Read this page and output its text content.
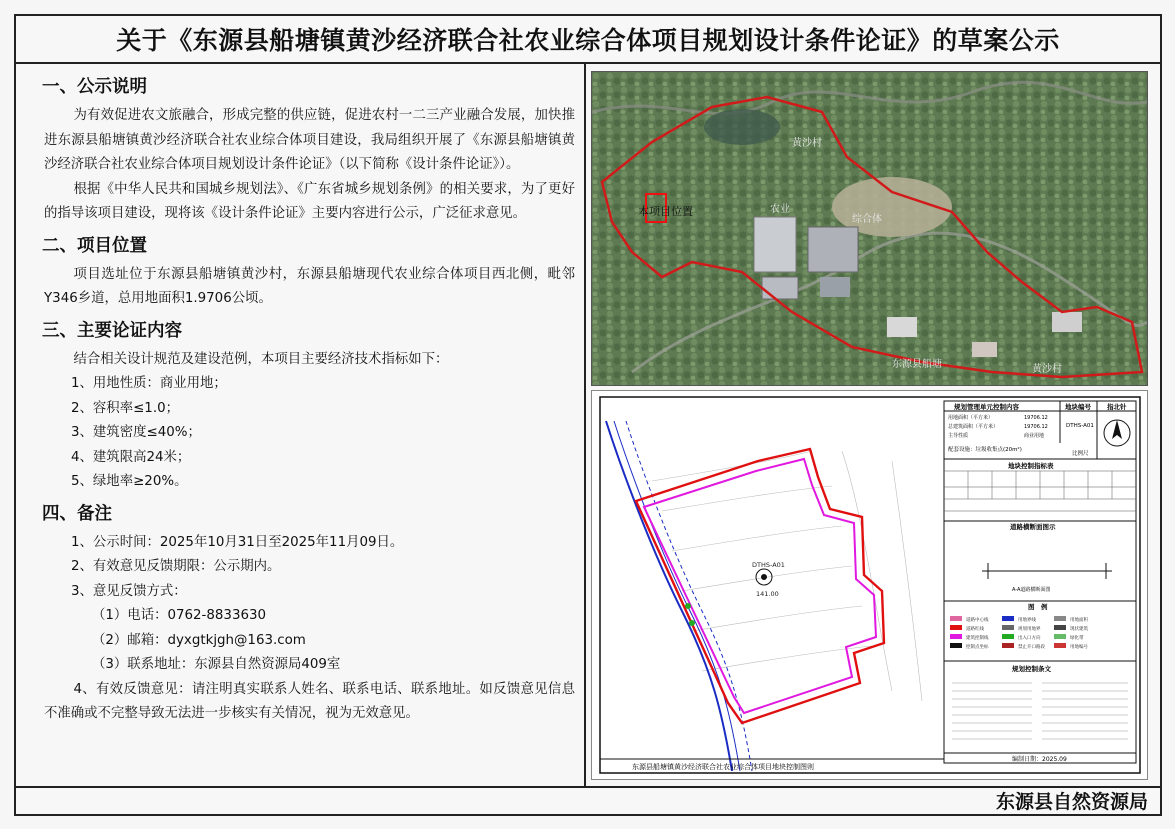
关于《东源县船塘镇黄沙经济联合社农业综合体项目规划设计条件论证》的草案公示
东源县自然资源局
一、公示说明
为有效促进农文旅融合，形成完整的供应链，促进农村一二三产业融合发展，加快推进东源县船塘镇黄沙经济联合社农业综合体项目建设，我局组织开展了《东源县船塘镇黄沙经济联合社农业综合体项目规划设计条件论证》（以下简称《设计条件论证》）。
根据《中华人民共和国城乡规划法》、《广东省城乡规划条例》的相关要求，为了更好的指导该项目建设，现将该《设计条件论证》主要内容进行公示，广泛征求意见。
二、项目位置
项目选址位于东源县船塘镇黄沙村，东源县船塘现代农业综合体项目西北侧，毗邻Y346乡道，总用地面积1.9706公顷。
三、主要论证内容
结合相关设计规范及建设范例，本项目主要经济技术指标如下：
1、用地性质：商业用地；
2、容积率≤1.0；
3、建筑密度≤40%；
4、建筑限高24米；
5、绿地率≥20%。
四、备注
1、公示时间：2025年10月31日至2025年11月09日。
2、有效意见反馈期限：公示期内。
3、意见反馈方式：
（1）电话：0762-8833630
（2）邮箱：dyxgtkjgh@163.com
（3）联系地址：东源县自然资源局409室
4、有效反馈意见：请注明真实联系人姓名、联系电话、联系地址。如反馈意见信息不准确或不完整导致无法进一步核实有关情况，视为无效意见。
本项目位置
黄沙村
农业
综合体
黄沙村
东源县船塘
DTHS-A01
141.00
规划管理单元控制内容	地块编号 指北针
用地面积（平方米）	19706.12
总建筑面积（平方米）	19706.12
主导性质	商业用地
DTHS-A01
配套设施：垃圾收集点(20m²)
比例尺
地块控制指标表
道路横断面图示
A-A道路横断面图
图　例
道路中心线
道路红线
建筑控制线
控制点坐标
用地界线
规划用地界
出入口方向
禁止开口路段
用地面积
现状建筑
绿化带
用地编号
规划控制条文
编制日期：2025.09
东源县船塘镇黄沙经济联合社农业综合体项目地块控制图则
